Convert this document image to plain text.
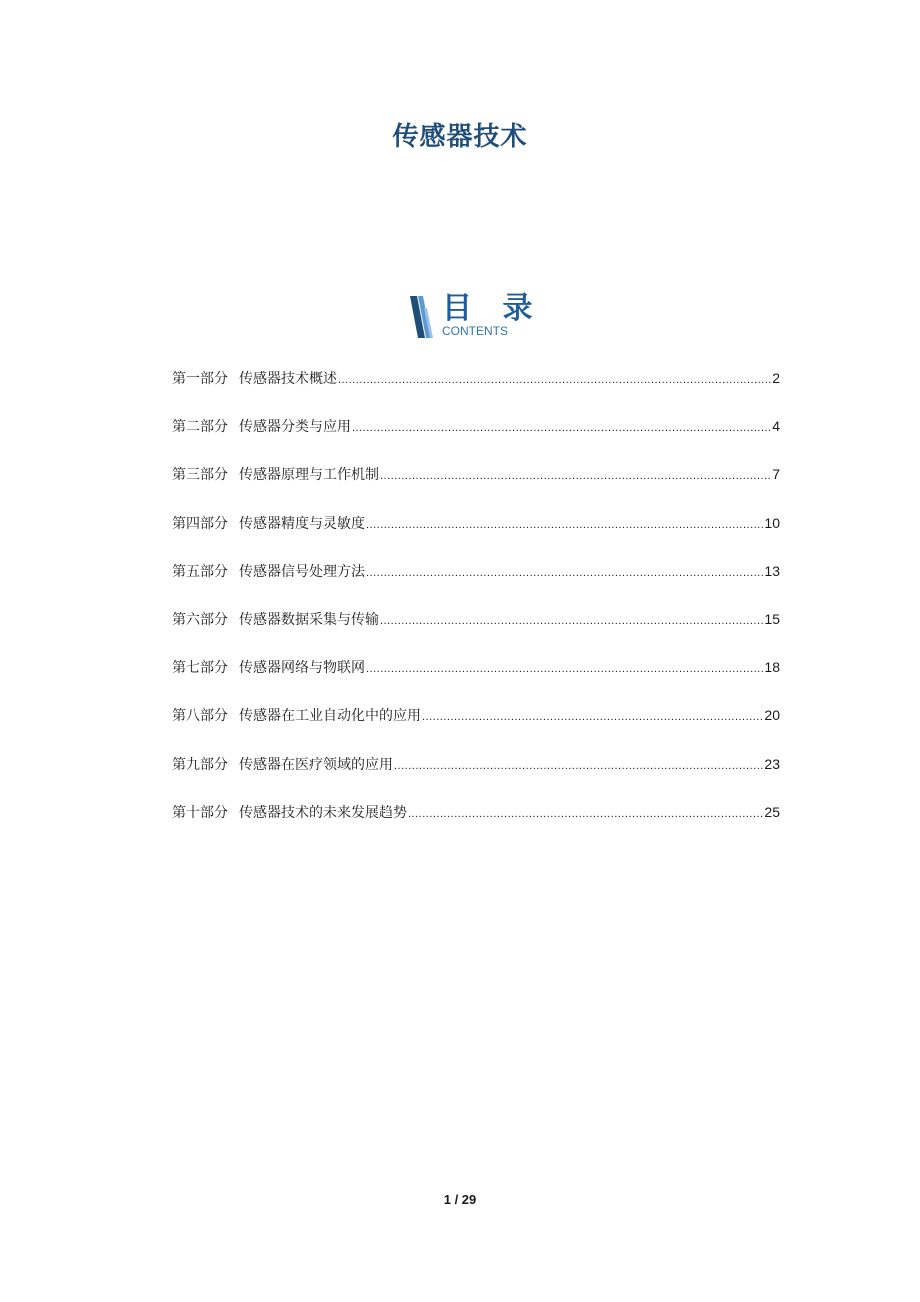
传感器技术
目 录
CONTENTS
第一部分 传感器技术概述 .....	2
第二部分 传感器分类与应用 .....	4
第三部分 传感器原理与工作机制 .....	7
第四部分 传感器精度与灵敏度 .....	10
第五部分 传感器信号处理方法 .....	13
第六部分 传感器数据采集与传输 .....	15
第七部分 传感器网络与物联网 .....	18
第八部分 传感器在工业自动化中的应用 .....	20
第九部分 传感器在医疗领域的应用 .....	23
第十部分 传感器技术的未来发展趋势 .....	25
1 / 29
